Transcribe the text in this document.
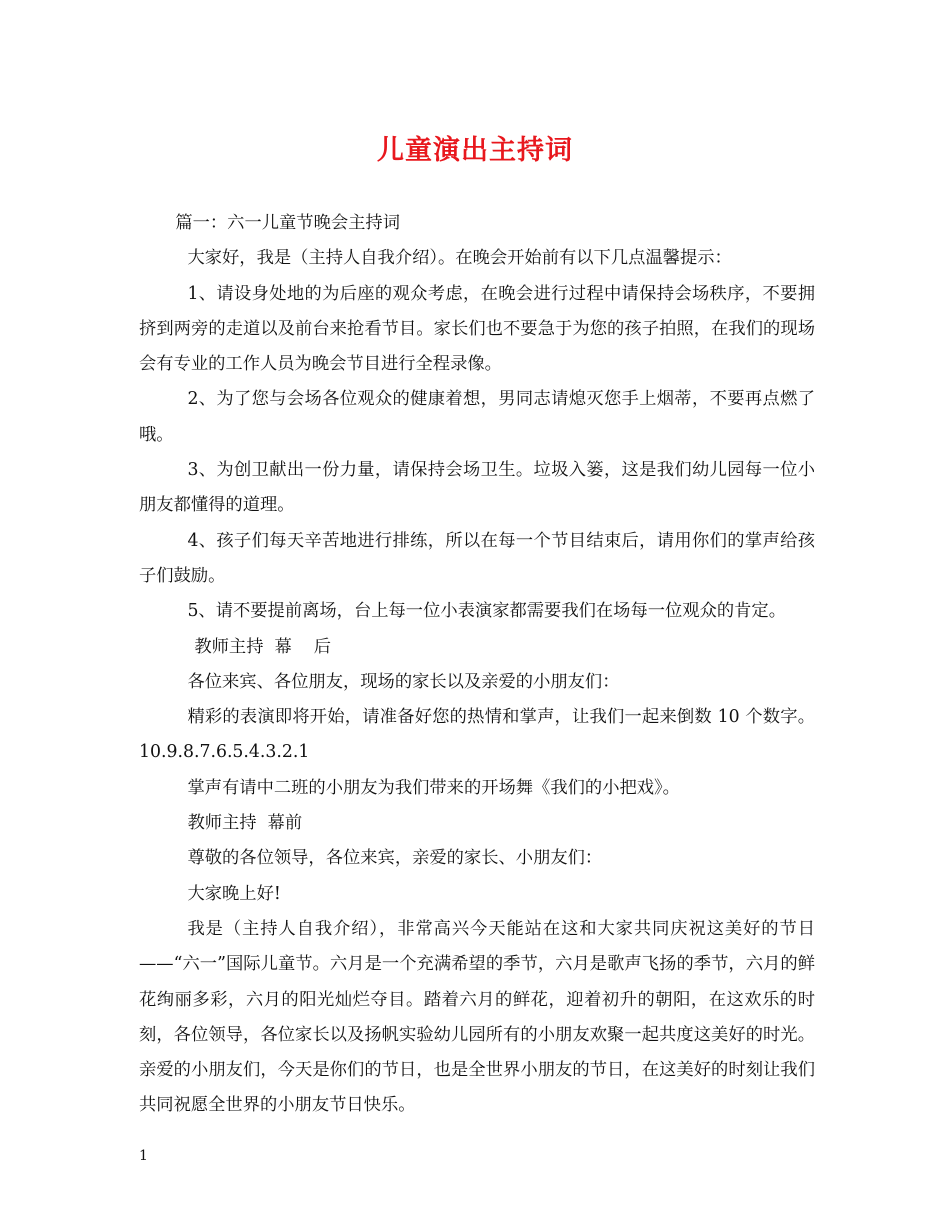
儿童演出主持词

篇一：六一儿童节晚会主持词

大家好，我是（主持人自我介绍）。在晚会开始前有以下几点温馨提示：

1、请设身处地的为后座的观众考虑，在晚会进行过程中请保持会场秩序，不要拥挤到两旁的走道以及前台来抢看节目。家长们也不要急于为您的孩子拍照，在我们的现场会有专业的工作人员为晚会节目进行全程录像。

2、为了您与会场各位观众的健康着想，男同志请熄灭您手上烟蒂，不要再点燃了哦。

3、为创卫献出一份力量，请保持会场卫生。垃圾入篓，这是我们幼儿园每一位小朋友都懂得的道理。

4、孩子们每天辛苦地进行排练，所以在每一个节目结束后，请用你们的掌声给孩子们鼓励。

5、请不要提前离场，台上每一位小表演家都需要我们在场每一位观众的肯定。

教师主持  幕    后

各位来宾、各位朋友，现场的家长以及亲爱的小朋友们：

精彩的表演即将开始，请准备好您的热情和掌声，让我们一起来倒数 10 个数字。10.9.8.7.6.5.4.3.2.1

掌声有请中二班的小朋友为我们带来的开场舞《我们的小把戏》。

教师主持  幕前

尊敬的各位领导，各位来宾，亲爱的家长、小朋友们：

大家晚上好!

我是（主持人自我介绍），非常高兴今天能站在这和大家共同庆祝这美好的节日——“六一”国际儿童节。六月是一个充满希望的季节，六月是歌声飞扬的季节，六月的鲜花绚丽多彩，六月的阳光灿烂夺目。踏着六月的鲜花，迎着初升的朝阳，在这欢乐的时刻，各位领导，各位家长以及扬帆实验幼儿园所有的小朋友欢聚一起共度这美好的时光。亲爱的小朋友们，今天是你们的节日，也是全世界小朋友的节日，在这美好的时刻让我们共同祝愿全世界的小朋友节日快乐。

1
